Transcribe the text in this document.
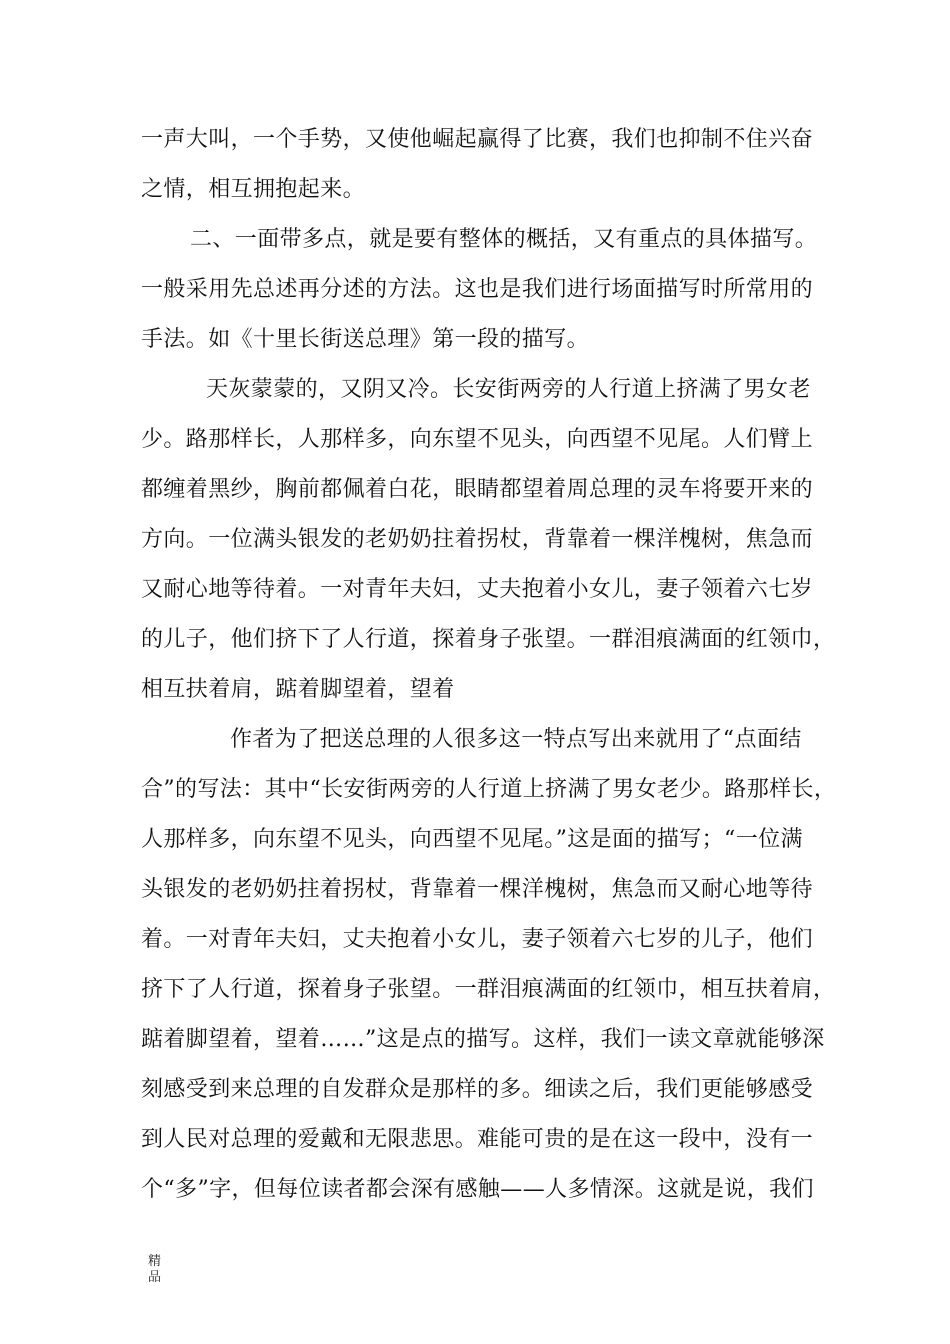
一声大叫，一个手势，又使他崛起赢得了比赛，我们也抑制不住兴奋
之情，相互拥抱起来。
二、一面带多点，就是要有整体的概括，又有重点的具体描写。
一般采用先总述再分述的方法。这也是我们进行场面描写时所常用的
手法。如《十里长街送总理》第一段的描写。
天灰蒙蒙的，又阴又冷。长安街两旁的人行道上挤满了男女老
少。路那样长，人那样多，向东望不见头，向西望不见尾。人们臂上
都缠着黑纱，胸前都佩着白花，眼睛都望着周总理的灵车将要开来的
方向。一位满头银发的老奶奶拄着拐杖，背靠着一棵洋槐树，焦急而
又耐心地等待着。一对青年夫妇，丈夫抱着小女儿，妻子领着六七岁
的儿子，他们挤下了人行道，探着身子张望。一群泪痕满面的红领巾，
相互扶着肩，踮着脚望着，望着
作者为了把送总理的人很多这一特点写出来就用了“点面结
合”的写法：其中“长安街两旁的人行道上挤满了男女老少。路那样长，
人那样多，向东望不见头，向西望不见尾。”这是面的描写；“一位满
头银发的老奶奶拄着拐杖，背靠着一棵洋槐树，焦急而又耐心地等待
着。一对青年夫妇，丈夫抱着小女儿，妻子领着六七岁的儿子，他们
挤下了人行道，探着身子张望。一群泪痕满面的红领巾，相互扶着肩，
踮着脚望着，望着……”这是点的描写。这样，我们一读文章就能够深
刻感受到来总理的自发群众是那样的多。细读之后，我们更能够感受
到人民对总理的爱戴和无限悲思。难能可贵的是在这一段中，没有一
个“多”字，但每位读者都会深有感触——人多情深。这就是说，我们
精品
